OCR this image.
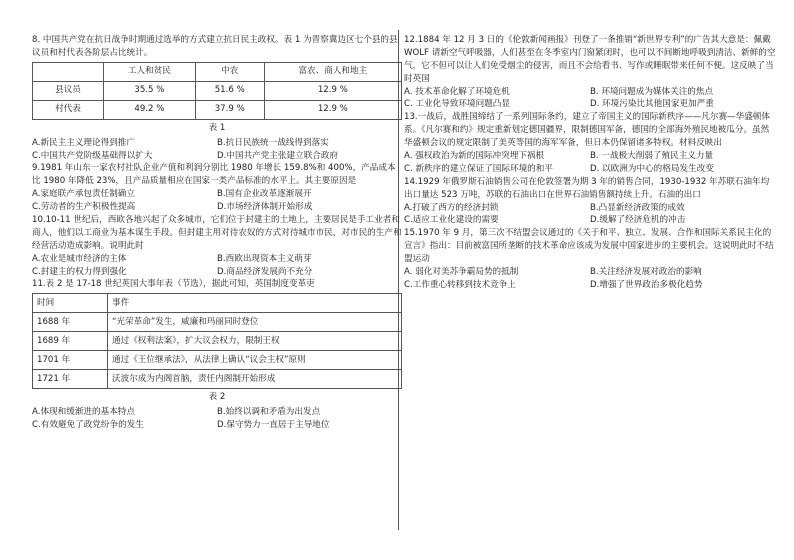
8. 中国共产党在抗日战争时期通过选举的方式建立抗日民主政权。表 1 为晋察冀边区七个县的县议员和村代表各阶层占比统计。

	工人和贫民	中农	富农、商人和地主
县议员	35.5 %	51.6 %	12.9 %
村代表	49.2 %	37.9 %	12.9 %

表 1

A.新民主主义理论得到推广	B.抗日民族统一战线得到落实
C.中国共产党阶级基础得以扩大	D.中国共产党主张建立联合政府

9.1981 年山东一家农村社队企业产值和利润分别比 1980 年增长 159.8%和 400%，产品成本比 1980 年降低 23%，且产品质量相应在国家一类产品标准的水平上。其主要原因是

A.家庭联产承包责任制确立	B.国有企业改革逐渐展开
C.劳动者的生产积极性提高	D.市场经济体制开始形成

10.10-11 世纪后，西欧各地兴起了众多城市，它们位于封建主的土地上，主要居民是手工业者和商人，他们以工商业为基本谋生手段。但封建主用对待农奴的方式对待城市市民，对市民的生产和经营活动造成影响。说明此时

A.农业是城市经济的主体	B.西欧出现资本主义萌芽
C.封建主的权力得到强化	D.商品经济发展尚不充分

11.表 2 是 17-18 世纪英国大事年表（节选），据此可知，英国制度变革吏

时间	事件
1688 年	“光荣革命”发生，威廉和玛丽同时登位
1689 年	通过《权利法案》，扩大议会权力，限制王权
1701 年	通过《王位继承法》，从法律上确认“议会主权”原则
1721 年	沃波尔成为内阁首脑，责任内阁制开始形成

表 2

A.体现和缓渐进的基本特点	B.始终以调和矛盾为出发点
C.有效避免了政党纷争的发生	D.保守势力一直居于主导地位

12.1884 年 12 月 3 日的《伦敦新闻画报》刊登了一条推销“新世界专利”的广告其大意是：佩戴 WOLF 请新空气呼吸器，人们甚至在冬季室内门窗紧闭时，也可以不间断地呼吸到清洁、新鲜的空气，它不但可以让人们免受烟尘的侵害，而且不会给看书、写作或睡眠带来任何不便。这反映了当时英国

A. 技术革命化解了环境危机	B. 环境问题成为媒体关注的焦点
C. 工业化导致环境问题凸显	D. 环境污染比其他国家更加严重

13.一战后，战胜国缔结了一系列国际条约，建立了帝国主义的国际新秩序——凡尔赛—华盛顿体系。《凡尔赛和约》规定重新划定德国疆界，限制德国军备，德国的全部海外殖民地被瓜分。虽然华盛顿会议的规定限制了美英等国的海军军备，但日本仍保留诸多特权。材料反映出

A. 强权政治为新的国际冲突埋下祸根	B. 一战极大削弱了殖民主义力量
C. 新秩序的建立保证了国际环境的和平	D. 以欧洲为中心的格局发生改变

14.1929 年俄罗斯石油销售公司在伦敦签署为期 3 年的销售合同，1930-1932 年苏联石油年均出口量达 523 万吨，苏联的石油出口在世界石油销售额持续上升。石油的出口

A.打破了西方的经济封锁	B.凸显新经济政策的成效
C.适应工业化建设的需要	D.缓解了经济危机的冲击

15.1970 年 9 月，第三次不结盟会议通过的《关于和平、独立、发展、合作和国际关系民主化的宣言》指出：目前被富国所垄断的技术革命应该成为发展中国家进步的主要机会。这说明此时不结盟运动

A. 弱化对美苏争霸局势的抵制	B.关注经济发展对政治的影响
C.工作重心转移到技术竞争上	D.增强了世界政治多极化趋势
